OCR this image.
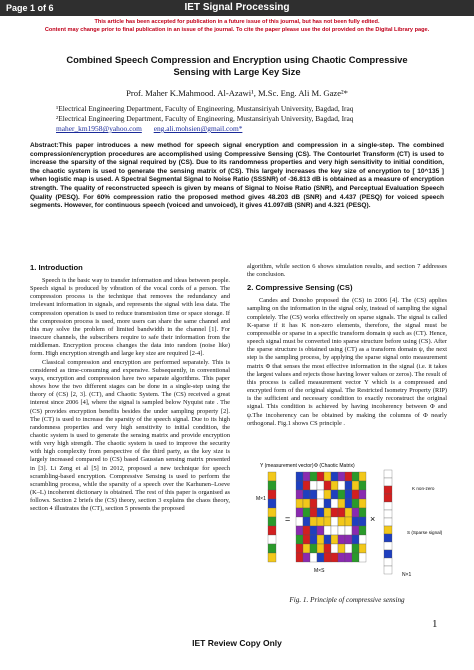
Page 1 of 6	IET Signal Processing
This article has been accepted for publication in a future issue of this journal, but has not been fully edited.
Content may change prior to final publication in an issue of the journal. To cite the paper please use the doi provided on the Digital Library page.
Combined Speech Compression and Encryption using Chaotic Compressive
Sensing with Large Key Size
Prof. Maher K.Mahmood. Al-Azawi¹, M.Sc. Eng. Ali M. Gaze²*
¹Electrical Engineering Department, Faculty of Engineering, Mustansiriyah University, Bagdad, Iraq
²Electrical Engineering Department, Faculty of Engineering, Mustansiriyah University, Bagdad, Iraq
maher_km1958@yahoo.com eng.ali.mohsien@gmail.com*
Abstract:This paper introduces a new method for speech signal encryption and compression in a single-step. The combined compression/encryption procedures are accomplished using Compressive Sensing (CS). The Contourlet Transform (CT) is used to increase the sparsity of the signal required by (CS). Due to its randomness properties and very high sensitivity to initial condition, the chaotic system is used to generate the sensing matrix of (CS). This largely increases the key size of encryption to [ 10^135 ] when logistic map is used. A Spectral Segmental Signal to Noise Ratio (SSSNR) of -36.813 dB is obtained as a measure of encryption strength. The quality of reconstructed speech is given by means of Signal to Noise Ratio (SNR), and Perceptual Evaluation Speech Quality (PESQ). For 60% compression ratio the proposed method gives 48.203 dB (SNR) and 4.437 (PESQ) for voiced speech segments. However, for continuous speech (voiced and unvoiced), it gives 41.097dB (SNR) and 4.321 (PESQ).
1. Introduction

Speech is the basic way to transfer information and ideas between people. Speech signal is produced by vibration of the vocal cords of a person. The compression process is the technique that removes the redundancy and irrelevant information in signals, and represents the signal with less data. The compression operation is used to reduce transmission time or space storage. If the compression process is used, more users can share the same channel and this may solve the problem of limited bandwidth in the channel [1]. For insecure channels, the subscribers require to safe their information from the middleman. Encryption process changes the data into random (noise like) form. High encryption strength and large key size are required [2-4].

Classical compression and encryption are performed separately. This is considered as time-consuming and expensive. Subsequently, in conventional ways, encryption and compression have two separate algorithms. This paper shows how the two different stages can be done in a single-step using the theory of (CS) [2, 3]. (CT), and Chaotic System. The (CS) received a great interest since 2006 [4], where the signal is sampled below Nyquist rate . The (CS) provides encryption benefits besides the under sampling property [2]. The (CT) is used to increase the sparsity of the speech signal. Due to its high randomness properties and very high sensitivity to initial condition, the chaotic system is used to generate the sensing matrix and provide encryption with very high strength. The chaotic system is used to improve the security with high complexity from perspective of the third party, as the key size is largely increased compared to (CS) based Gaussian sensing matrix presented in [3]. Li Zeng et al [5] in 2012, proposed a new technique for speech scrambling-based encryption. Compressive Sensing is used to perform the scrambling process, while the sparsity of a speech over the Karhunen–Loeve (K–L) incoherent dictionary is obtained. The rest of this paper is organised as follows. Section 2 briefs the (CS) theory, section 3 explains the chaos theory, section 4 illustrates the (CT), section 5 presents the proposed

algorithm, while section 6 shows simulation results, and section 7 addresses the conclusion.

2. Compressive Sensing (CS)

Candes and Donoho proposed the (CS) in 2006 [4]. The (CS) applies sampling on the information in the signal only, instead of sampling the signal completely. The (CS) works effectively on sparse signals. The signal is called K-sparse if it has K non-zero elements, therefore, the signal must be compressible or sparse in a specific transform domain ψ such as (CT). Hence, speech signal must be converted into sparse structure before using (CS). After the sparse structure is obtained using (CT) as a transform domain ψ, the next step is the sampling process, by applying the sparse signal onto measurement matrix Φ that senses the most effective information in the signal (i.e. it takes the largest values and rejects those having lower values or zeros). The result of this process is called measurement vector Y which is a compressed and encrypted form of the original signal. The Restricted Isometry Property (RIP) is the sufficient and necessary condition to exactly reconstruct the original signal. This condition is achieved by having incoherency between Φ and ψ.The incoherency can be obtained by making the columns of Φ nearly orthogonal. Fig.1 shows CS principle .

Y (measurement vector) Φ (Chaotic Matrix)
S (Sparse signal)
M×1
N×1
K non-zero
M×S
=	×
Fig. 1. Principle of compressive sensing
1
IET Review Copy Only
